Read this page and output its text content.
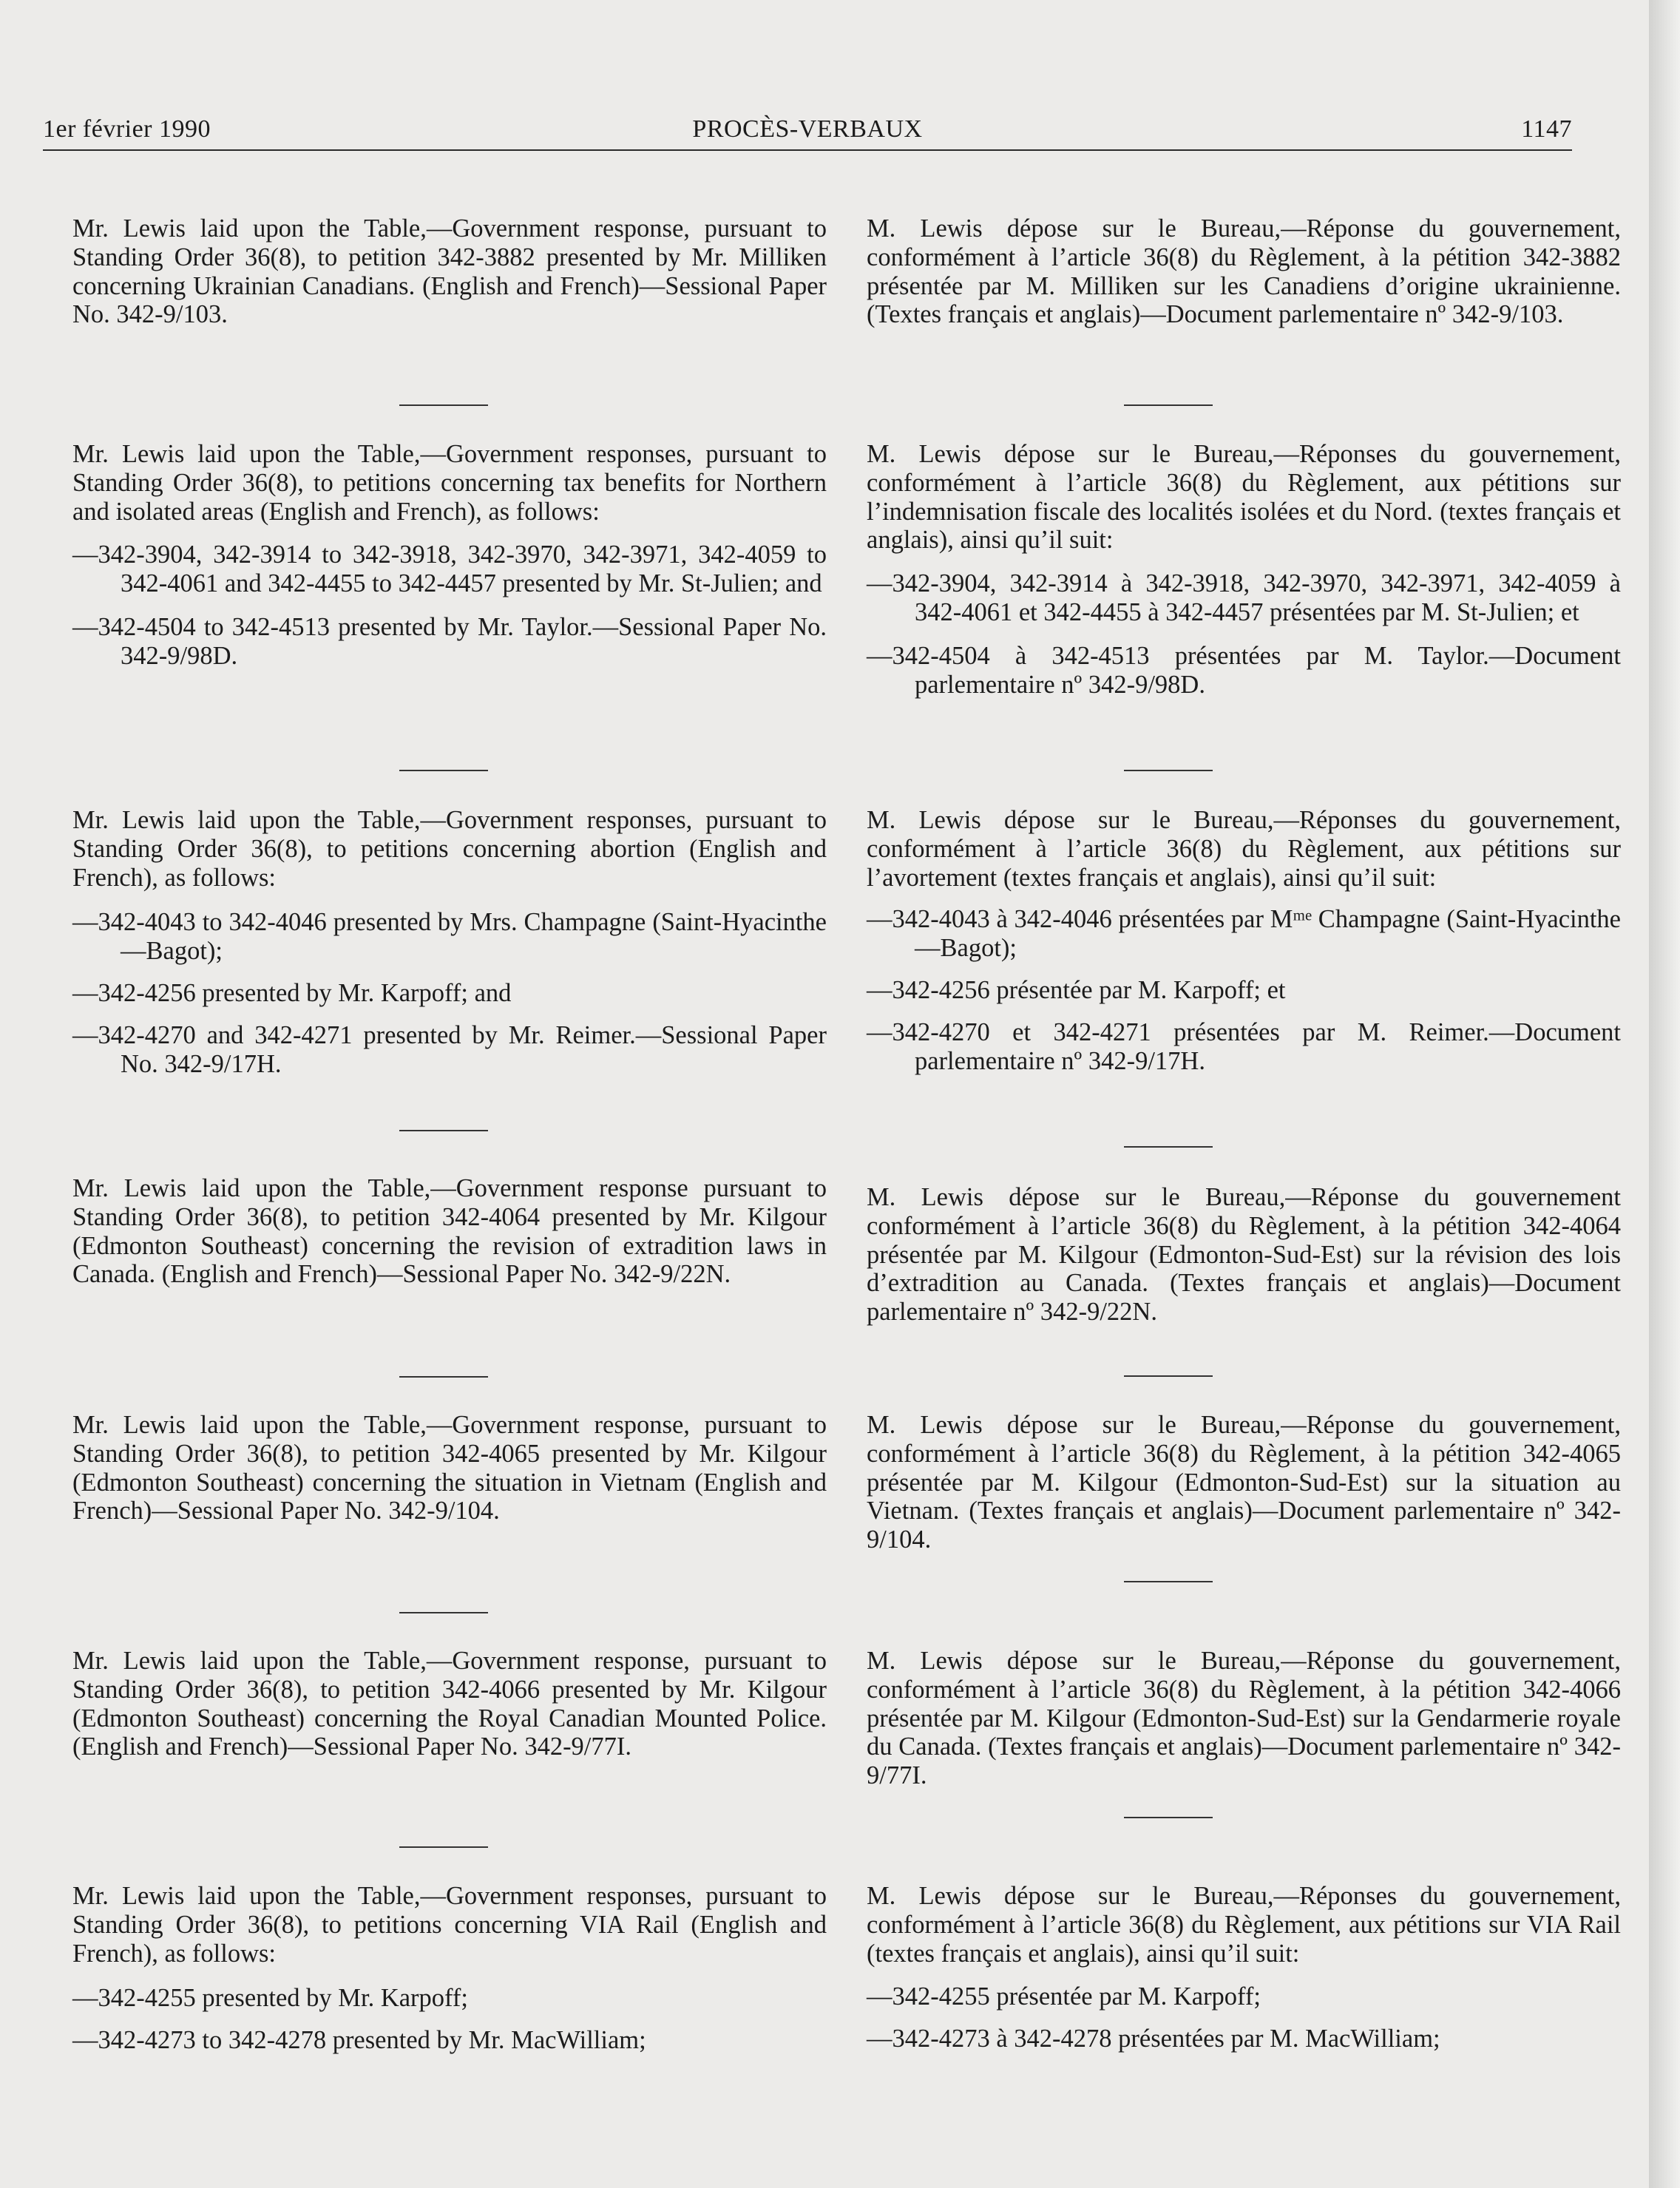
1er février 1990	PROCÈS-VERBAUX	1147

Mr. Lewis laid upon the Table,—Government response, pursuant to Standing Order 36(8), to petition 342-3882 presented by Mr. Milliken concerning Ukrainian Canadians. (English and French)—Sessional Paper No. 342-9/103.

Mr. Lewis laid upon the Table,—Government responses, pursuant to Standing Order 36(8), to petitions concerning tax benefits for Northern and isolated areas (English and French), as follows:

—342-3904, 342-3914 to 342-3918, 342-3970, 342-3971, 342-4059 to 342-4061 and 342-4455 to 342-4457 presented by Mr. St-Julien; and

—342-4504 to 342-4513 presented by Mr. Taylor.—Sessional Paper No. 342-9/98D.

Mr. Lewis laid upon the Table,—Government responses, pursuant to Standing Order 36(8), to petitions concerning abortion (English and French), as follows:

—342-4043 to 342-4046 presented by Mrs. Champagne (Saint-Hyacinthe—Bagot);

—342-4256 presented by Mr. Karpoff; and

—342-4270 and 342-4271 presented by Mr. Reimer.—Sessional Paper No. 342-9/17H.

Mr. Lewis laid upon the Table,—Government response pursuant to Standing Order 36(8), to petition 342-4064 presented by Mr. Kilgour (Edmonton Southeast) concerning the revision of extradition laws in Canada. (English and French)—Sessional Paper No. 342-9/22N.

Mr. Lewis laid upon the Table,—Government response, pursuant to Standing Order 36(8), to petition 342-4065 presented by Mr. Kilgour (Edmonton Southeast) concerning the situation in Vietnam (English and French)—Sessional Paper No. 342-9/104.

Mr. Lewis laid upon the Table,—Government response, pursuant to Standing Order 36(8), to petition 342-4066 presented by Mr. Kilgour (Edmonton Southeast) concerning the Royal Canadian Mounted Police. (English and French)—Sessional Paper No. 342-9/77I.

Mr. Lewis laid upon the Table,—Government responses, pursuant to Standing Order 36(8), to petitions concerning VIA Rail (English and French), as follows:

—342-4255 presented by Mr. Karpoff;

—342-4273 to 342-4278 presented by Mr. MacWilliam;

M. Lewis dépose sur le Bureau,—Réponse du gouvernement, conformément à l’article 36(8) du Règlement, à la pétition 342-3882 présentée par M. Milliken sur les Canadiens d’origine ukrainienne. (Textes français et anglais)—Document parlementaire nº 342-9/103.

M. Lewis dépose sur le Bureau,—Réponses du gouvernement, conformément à l’article 36(8) du Règlement, aux pétitions sur l’indemnisation fiscale des localités isolées et du Nord. (textes français et anglais), ainsi qu’il suit:

—342-3904, 342-3914 à 342-3918, 342-3970, 342-3971, 342-4059 à 342-4061 et 342-4455 à 342-4457 présentées par M. St-Julien; et

—342-4504 à 342-4513 présentées par M. Taylor.—Document parlementaire nº 342-9/98D.

M. Lewis dépose sur le Bureau,—Réponses du gouvernement, conformément à l’article 36(8) du Règlement, aux pétitions sur l’avortement (textes français et anglais), ainsi qu’il suit:

—342-4043 à 342-4046 présentées par Mᵐᵉ Champagne (Saint-Hyacinthe—Bagot);

—342-4256 présentée par M. Karpoff; et

—342-4270 et 342-4271 présentées par M. Reimer.—Document parlementaire nº 342-9/17H.

M. Lewis dépose sur le Bureau,—Réponse du gouvernement conformément à l’article 36(8) du Règlement, à la pétition 342-4064 présentée par M. Kilgour (Edmonton-Sud-Est) sur la révision des lois d’extradition au Canada. (Textes français et anglais)—Document parlementaire nº 342-9/22N.

M. Lewis dépose sur le Bureau,—Réponse du gouvernement, conformément à l’article 36(8) du Règlement, à la pétition 342-4065 présentée par M. Kilgour (Edmonton-Sud-Est) sur la situation au Vietnam. (Textes français et anglais)—Document parlementaire nº 342-9/104.

M. Lewis dépose sur le Bureau,—Réponse du gouvernement, conformément à l’article 36(8) du Règlement, à la pétition 342-4066 présentée par M. Kilgour (Edmonton-Sud-Est) sur la Gendarmerie royale du Canada. (Textes français et anglais)—Document parlementaire nº 342-9/77I.

M. Lewis dépose sur le Bureau,—Réponses du gouvernement, conformément à l’article 36(8) du Règlement, aux pétitions sur VIA Rail (textes français et anglais), ainsi qu’il suit:

—342-4255 présentée par M. Karpoff;

—342-4273 à 342-4278 présentées par M. MacWilliam;
